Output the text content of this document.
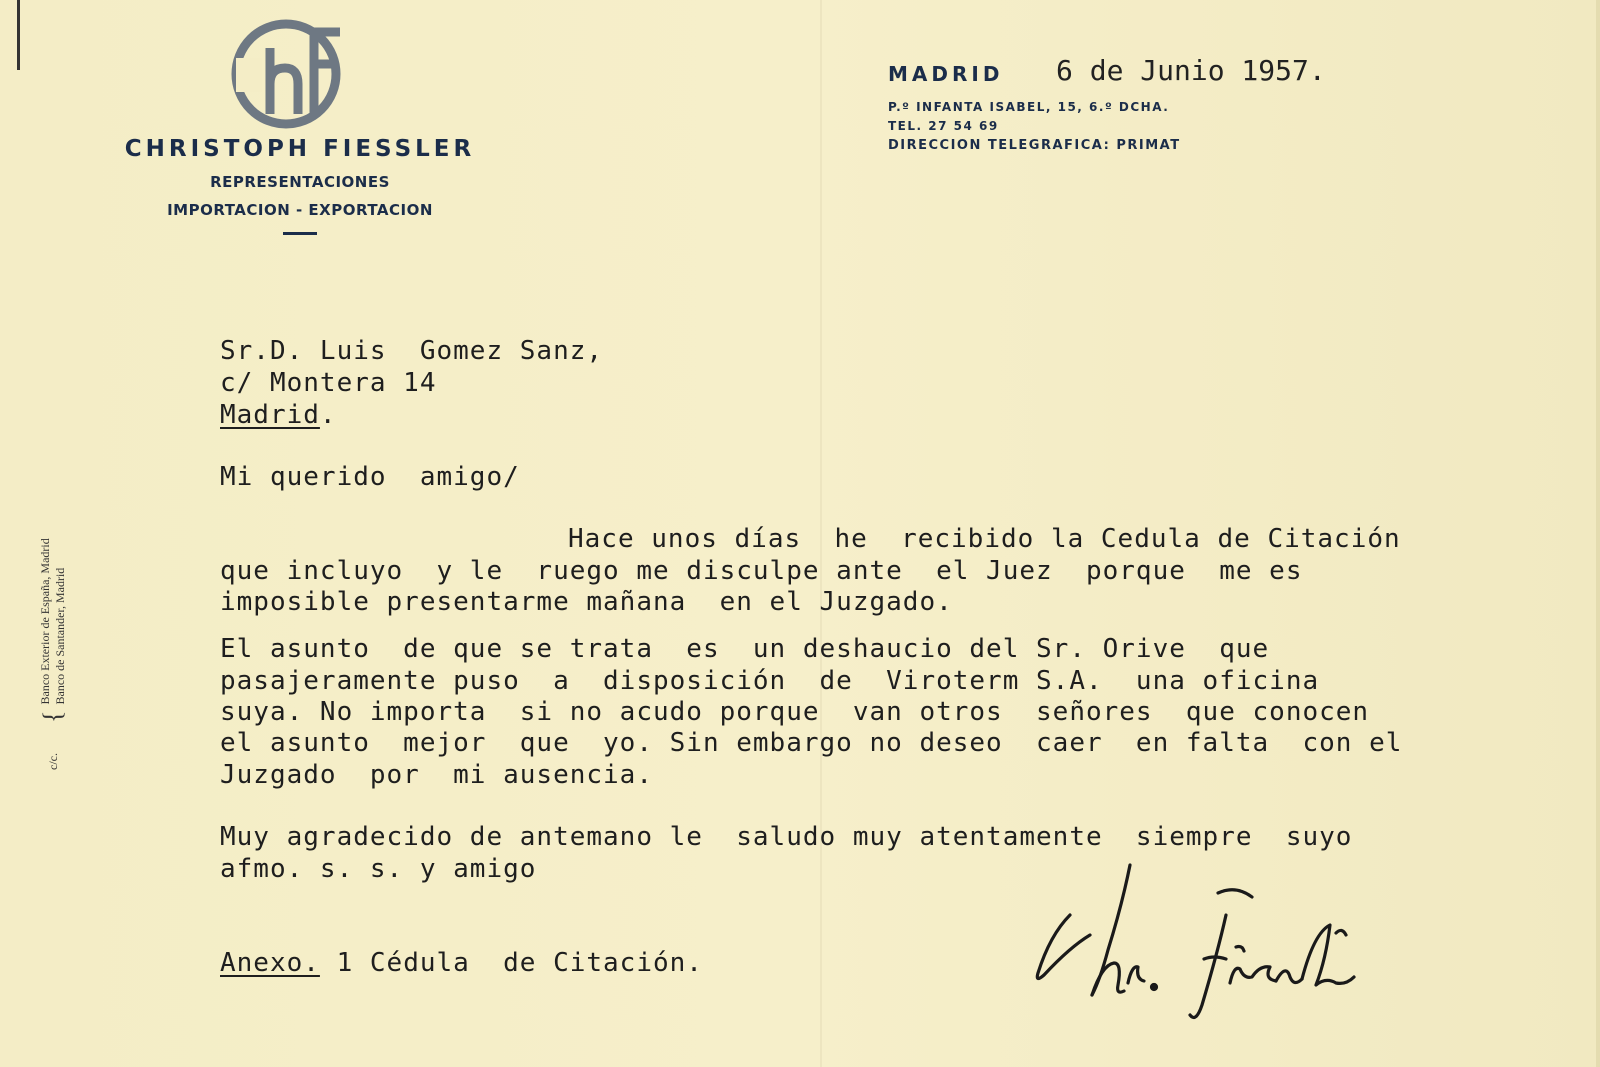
CHRISTOPH FIESSLER
REPRESENTACIONES
IMPORTACION - EXPORTACION
MADRID 6 de Junio 1957.
P.º INFANTA ISABEL, 15, 6.º DCHA.
TEL. 27 54 69
DIRECCION TELEGRAFICA: PRIMAT
c/c.
{
Banco Exterior de España, Madrid Banco de Santander, Madrid
Sr.D. Luis  Gomez Sanz,
c/ Montera 14
Madrid.
Mi querido  amigo/
Hace unos días  he  recibido la Cedula de Citación
que incluyo  y le  ruego me disculpe ante  el Juez  porque  me es
imposible presentarme mañana  en el Juzgado.
El asunto  de que se trata  es  un deshaucio del Sr. Orive  que
pasajeramente puso  a  disposición  de  Viroterm S.A.  una oficina
suya. No importa  si no acudo porque  van otros  señores  que conocen
el asunto  mejor  que  yo. Sin embargo no deseo  caer  en falta  con el
Juzgado  por  mi ausencia.
Muy agradecido de antemano le  saludo muy atentamente  siempre  suyo
afmo. s. s. y amigo
Anexo. 1 Cédula  de Citación.
